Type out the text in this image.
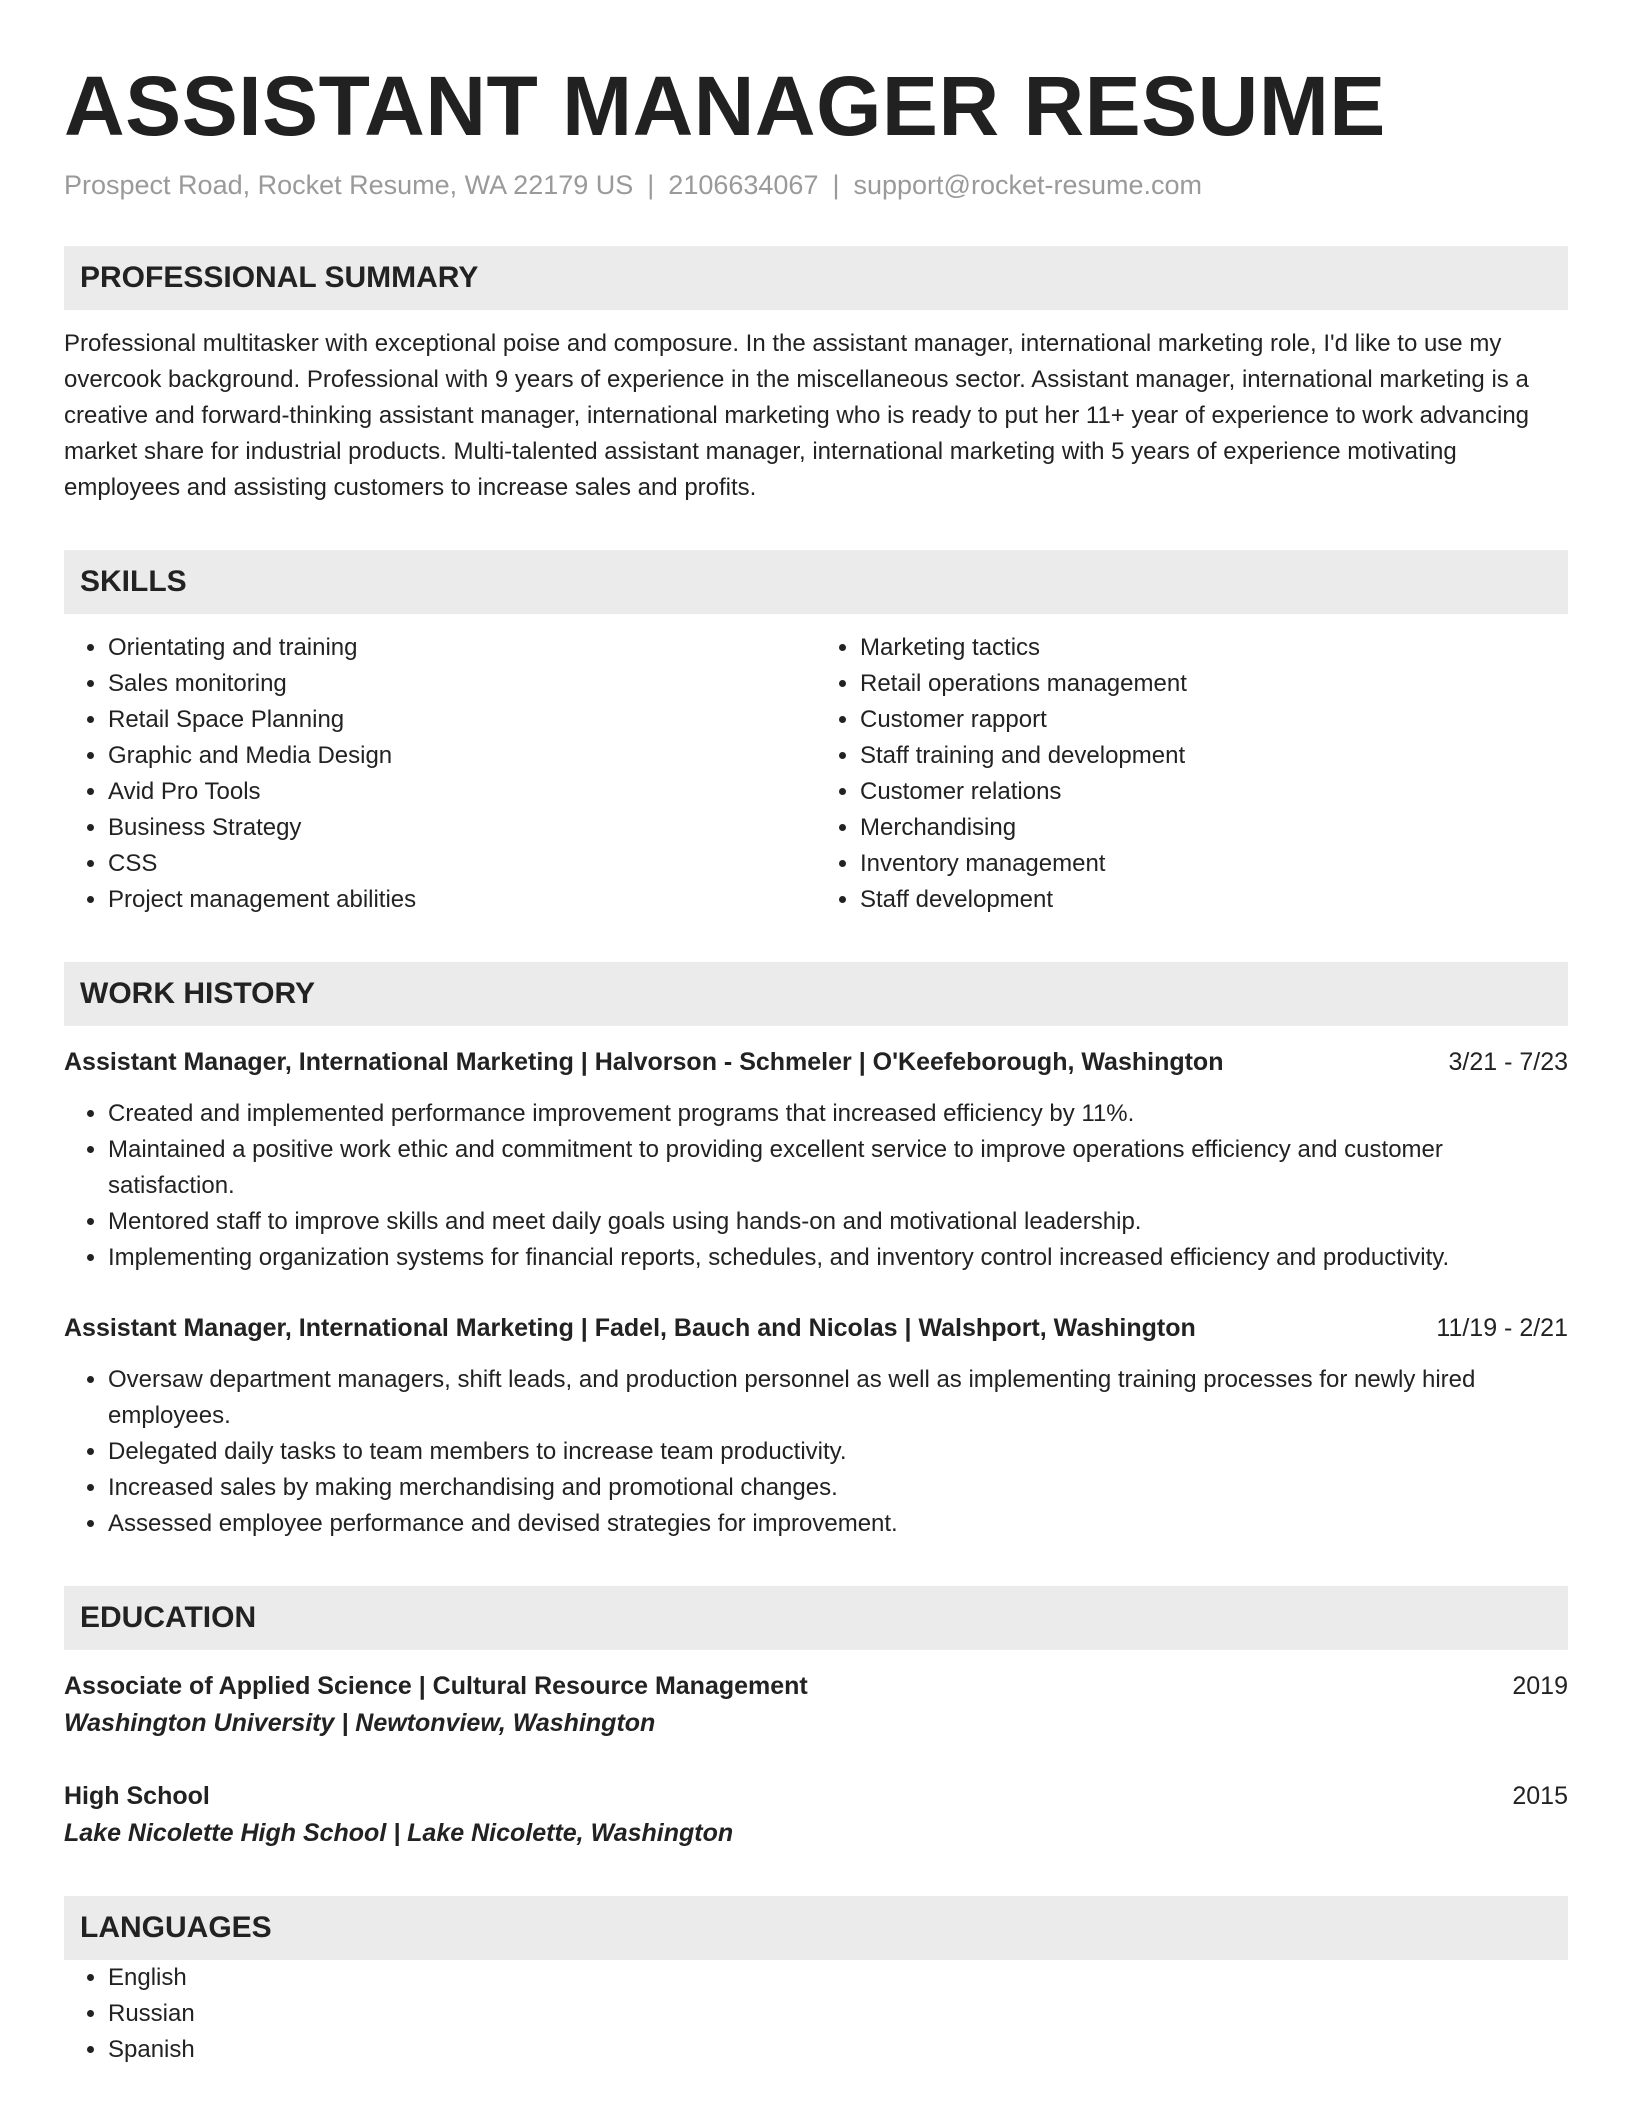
ASSISTANT MANAGER RESUME
Prospect Road, Rocket Resume, WA 22179 US | 2106634067 | support@rocket-resume.com
PROFESSIONAL SUMMARY

Professional multitasker with exceptional poise and composure. In the assistant manager, international marketing role, I'd like to use my overcook background. Professional with 9 years of experience in the miscellaneous sector. Assistant manager, international marketing is a creative and forward-thinking assistant manager, international marketing who is ready to put her 11+ year of experience to work advancing market share for industrial products. Multi-talented assistant manager, international marketing with 5 years of experience motivating employees and assisting customers to increase sales and profits.

SKILLS
• Orientating and training
• Sales monitoring
• Retail Space Planning
• Graphic and Media Design
• Avid Pro Tools
• Business Strategy
• CSS
• Project management abilities
• Marketing tactics
• Retail operations management
• Customer rapport
• Staff training and development
• Customer relations
• Merchandising
• Inventory management
• Staff development
WORK HISTORY
Assistant Manager, International Marketing | Halvorson - Schmeler | O'Keefeborough, Washington	3/21 - 7/23
• Created and implemented performance improvement programs that increased efficiency by 11%.
• Maintained a positive work ethic and commitment to providing excellent service to improve operations efficiency and customer satisfaction.
• Mentored staff to improve skills and meet daily goals using hands-on and motivational leadership.
• Implementing organization systems for financial reports, schedules, and inventory control increased efficiency and productivity.
Assistant Manager, International Marketing | Fadel, Bauch and Nicolas | Walshport, Washington	11/19 - 2/21
• Oversaw department managers, shift leads, and production personnel as well as implementing training processes for newly hired employees.
• Delegated daily tasks to team members to increase team productivity.
• Increased sales by making merchandising and promotional changes.
• Assessed employee performance and devised strategies for improvement.
EDUCATION
Associate of Applied Science | Cultural Resource Management	2019
Washington University | Newtonview, Washington
High School	2015
Lake Nicolette High School | Lake Nicolette, Washington
LANGUAGES
• English
• Russian
• Spanish
